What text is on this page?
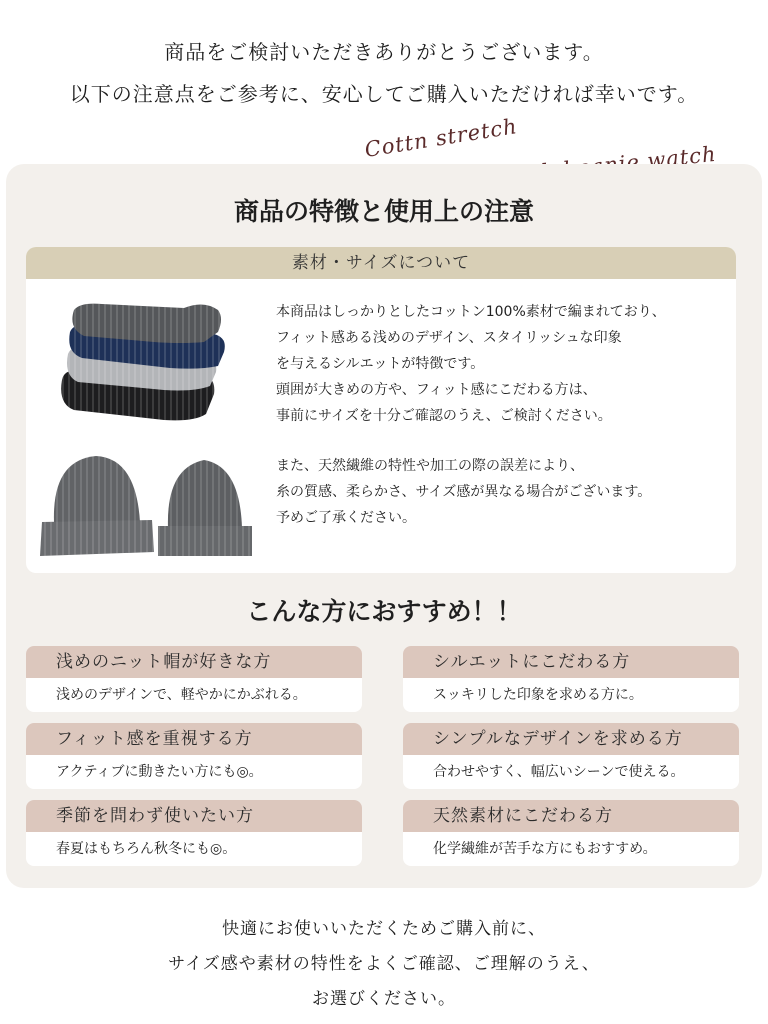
商品をご検討いただきありがとうございます。
以下の注意点をご参考に、安心してご購入いただければ幸いです。
Cottn stretch
商品の特徴と使用上の注意
素材・サイズについて
本商品はしっかりとしたコットン100%素材で編まれており、
フィット感ある浅めのデザイン、スタイリッシュな印象
を与えるシルエットが特徴です。
頭囲が大きめの方や、フィット感にこだわる方は、
事前にサイズを十分ご確認のうえ、ご検討ください。
また、天然繊維の特性や加工の際の誤差により、
糸の質感、柔らかさ、サイズ感が異なる場合がございます。
予めご了承ください。
こんな方におすすめ！！
浅めのニット帽が好きな方
浅めのデザインで、軽やかにかぶれる。
シルエットにこだわる方
スッキリした印象を求める方に。
フィット感を重視する方
アクティブに動きたい方にも◎。
シンプルなデザインを求める方
合わせやすく、幅広いシーンで使える。
季節を問わず使いたい方
春夏はもちろん秋冬にも◎。
天然素材にこだわる方
化学繊維が苦手な方にもおすすめ。
快適にお使いいただくためご購入前に、
サイズ感や素材の特性をよくご確認、ご理解のうえ、
お選びください。
